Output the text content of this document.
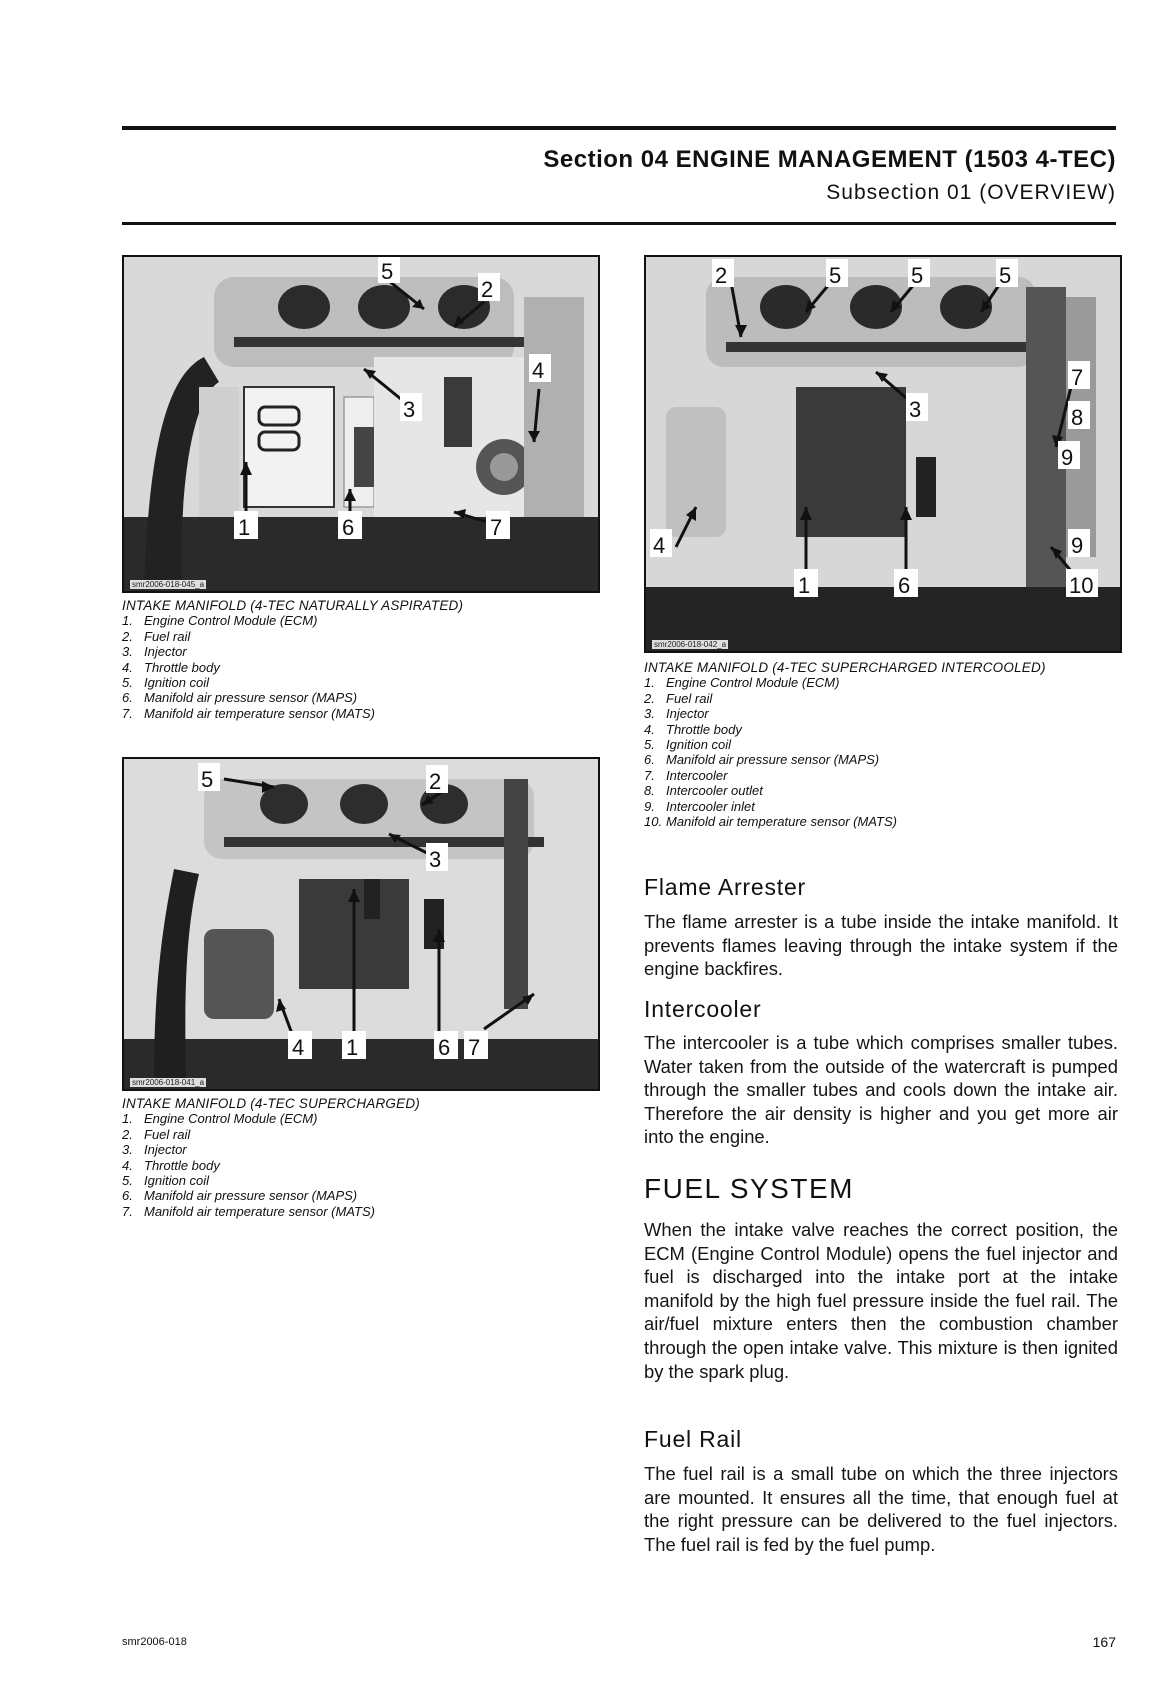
Section 04 ENGINE MANAGEMENT (1503 4-TEC)
Subsection 01 (OVERVIEW)
5
2
4
3
1	6	7
smr2006-018-045_a
INTAKE MANIFOLD (4-TEC NATURALLY ASPIRATED)
1. Engine Control Module (ECM)
2. Fuel rail
3. Injector
4. Throttle body
5. Ignition coil
6. Manifold air pressure sensor (MAPS)
7. Manifold air temperature sensor (MATS)
5	2
3
4 1	6 7
smr2006-018-041_a
INTAKE MANIFOLD (4-TEC SUPERCHARGED)
1. Engine Control Module (ECM)
2. Fuel rail
3. Injector
4. Throttle body
5. Ignition coil
6. Manifold air pressure sensor (MAPS)
7. Manifold air temperature sensor (MATS)
2	5	5	5
7
3	8
9
4	9
1	6	10
smr2006-018-042_a
INTAKE MANIFOLD (4-TEC SUPERCHARGED INTERCOOLED)
1. Engine Control Module (ECM)
2. Fuel rail
3. Injector
4. Throttle body
5. Ignition coil
6. Manifold air pressure sensor (MAPS)
7. Intercooler
8. Intercooler outlet
9. Intercooler inlet
10. Manifold air temperature sensor (MATS)
Flame Arrester
The flame arrester is a tube inside the intake manifold. It prevents flames leaving through the intake system if the engine backfires.
Intercooler
The intercooler is a tube which comprises smaller tubes. Water taken from the outside of the watercraft is pumped through the smaller tubes and cools down the intake air. Therefore the air density is higher and you get more air into the engine.
FUEL SYSTEM
When the intake valve reaches the correct position, the ECM (Engine Control Module) opens the fuel injector and fuel is discharged into the intake port at the intake manifold by the high fuel pressure inside the fuel rail. The air/fuel mixture enters then the combustion chamber through the open intake valve. This mixture is then ignited by the spark plug.
Fuel Rail
The fuel rail is a small tube on which the three injectors are mounted. It ensures all the time, that enough fuel at the right pressure can be delivered to the fuel injectors. The fuel rail is fed by the fuel pump.
smr2006-018	167
